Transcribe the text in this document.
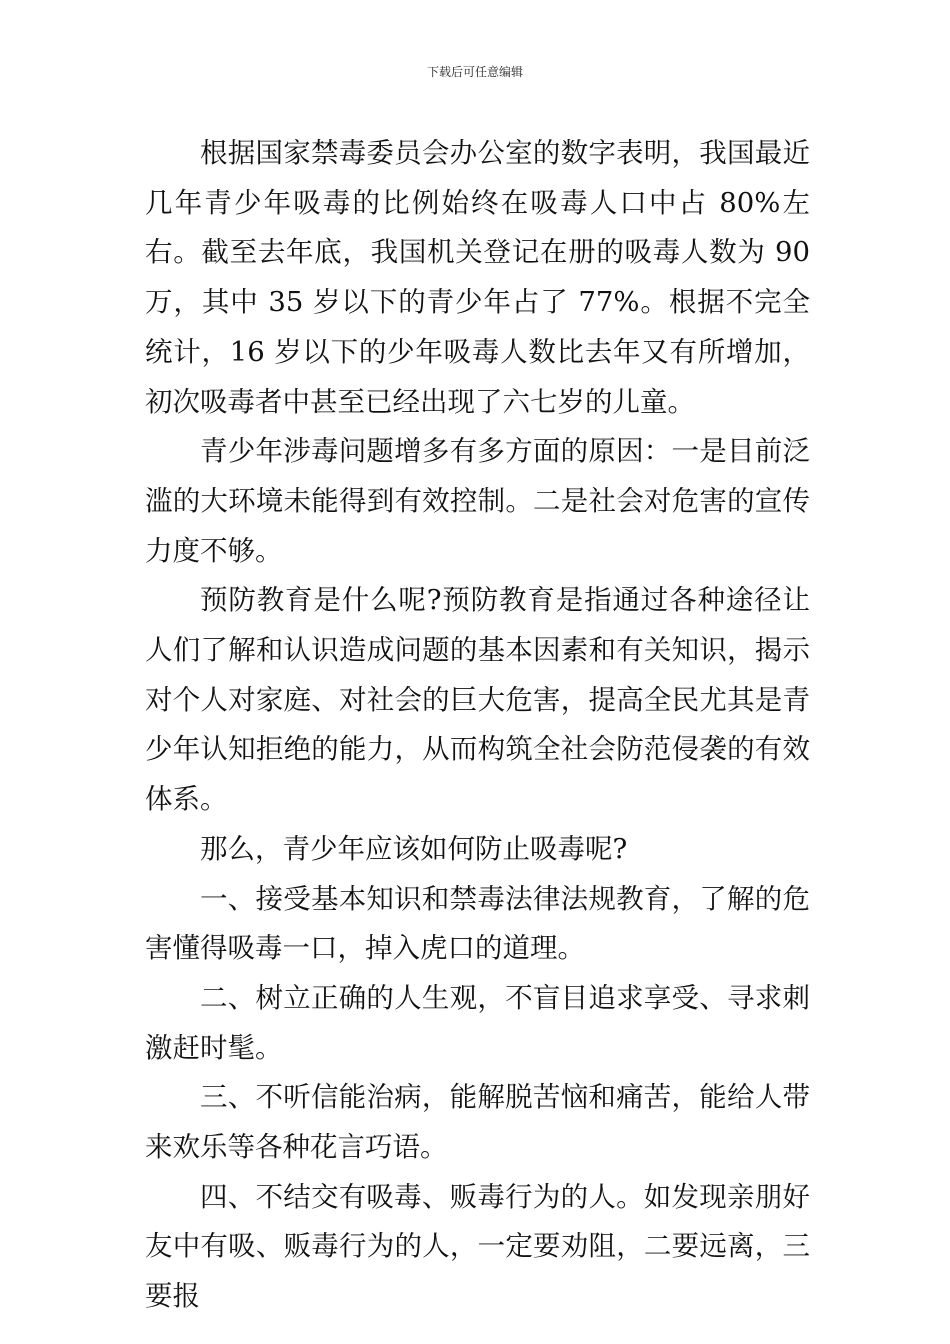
下载后可任意编辑

根据国家禁毒委员会办公室的数字表明，我国最近几年青少年吸毒的比例始终在吸毒人口中占 80%左右。截至去年底，我国机关登记在册的吸毒人数为 90 万，其中 35 岁以下的青少年占了 77%。根据不完全统计，16 岁以下的少年吸毒人数比去年又有所增加，初次吸毒者中甚至已经出现了六七岁的儿童。

青少年涉毒问题增多有多方面的原因：一是目前泛滥的大环境未能得到有效控制。二是社会对危害的宣传力度不够。

预防教育是什么呢?预防教育是指通过各种途径让人们了解和认识造成问题的基本因素和有关知识，揭示对个人对家庭、对社会的巨大危害，提高全民尤其是青少年认知拒绝的能力，从而构筑全社会防范侵袭的有效体系。

那么，青少年应该如何防止吸毒呢?

一、接受基本知识和禁毒法律法规教育，了解的危害懂得吸毒一口，掉入虎口的道理。

二、树立正确的人生观，不盲目追求享受、寻求刺激赶时髦。

三、不听信能治病，能解脱苦恼和痛苦，能给人带来欢乐等各种花言巧语。

四、不结交有吸毒、贩毒行为的人。如发现亲朋好友中有吸、贩毒行为的人，一定要劝阻，二要远离，三要报
